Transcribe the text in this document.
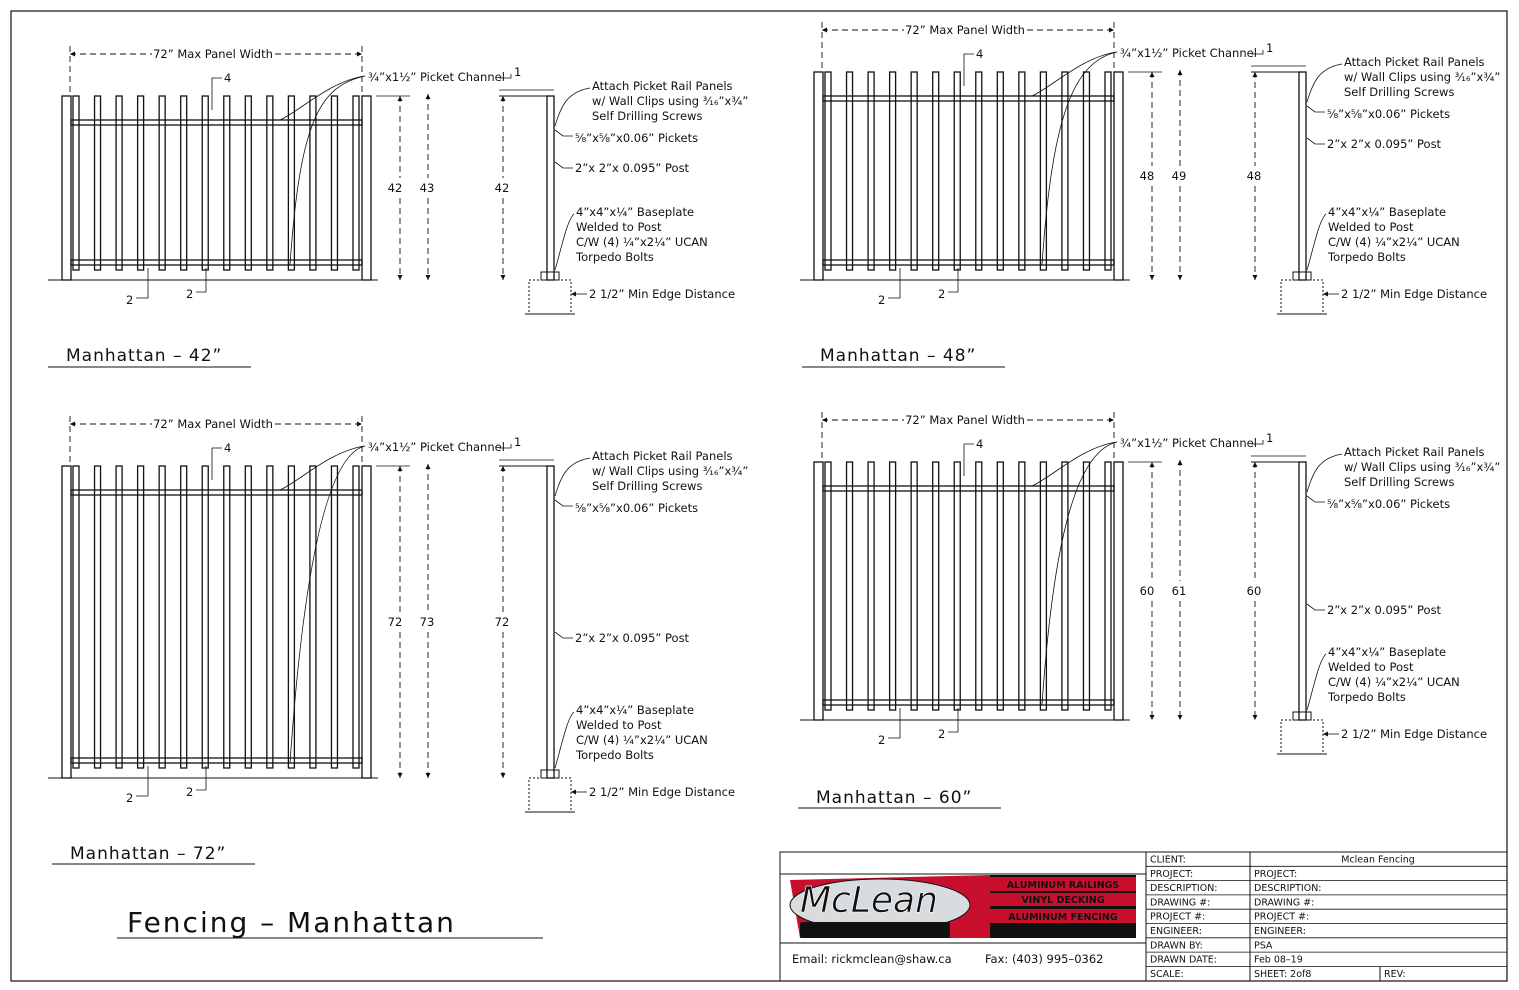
¾”x1½” Picket Channel
72” Max Panel Width
4
2	2
42 43
1
42
Attach Picket Rail Panels
w/ Wall Clips using ³⁄₁₆”x¾”
Self Drilling Screws
⅝”x⅝”x0.06” Pickets
2”x 2”x 0.095” Post
4”x4”x¼” Baseplate
Welded to Post
C/W (4) ¼”x2¼” UCAN
Torpedo Bolts
2 1/2” Min Edge Distance
Manhattan – 42”
¾”x1½” Picket Channel
72” Max Panel Width
4
2	2
48 49
1
48
Attach Picket Rail Panels
w/ Wall Clips using ³⁄₁₆”x¾”
Self Drilling Screws
⅝”x⅝”x0.06” Pickets
2”x 2”x 0.095” Post
4”x4”x¼” Baseplate
Welded to Post
C/W (4) ¼”x2¼” UCAN
Torpedo Bolts
2 1/2” Min Edge Distance
Manhattan – 48”
¾”x1½” Picket Channel
72” Max Panel Width
4
2	2
72 73
1
72
Attach Picket Rail Panels
w/ Wall Clips using ³⁄₁₆”x¾”
Self Drilling Screws
⅝”x⅝”x0.06” Pickets
2”x 2”x 0.095” Post
4”x4”x¼” Baseplate
Welded to Post
C/W (4) ¼”x2¼” UCAN
Torpedo Bolts
2 1/2” Min Edge Distance
Manhattan – 72”
¾”x1½” Picket Channel
72” Max Panel Width
4
2	2
60 61
1
60
Attach Picket Rail Panels
w/ Wall Clips using ³⁄₁₆”x¾”
Self Drilling Screws
⅝”x⅝”x0.06” Pickets
2”x 2”x 0.095” Post
4”x4”x¼” Baseplate
Welded to Post
C/W (4) ¼”x2¼” UCAN
Torpedo Bolts
2 1/2” Min Edge Distance
Manhattan – 60”
Fencing – Manhattan
CLIENT:	Mclean Fencing
PROJECT:	PROJECT:
DESCRIPTION:	DESCRIPTION:
DRAWING #:	DRAWING #:
PROJECT #:	PROJECT #:
ENGINEER:	ENGINEER:
DRAWN BY:	PSA
DRAWN DATE:	Feb 08–19
SCALE:	SHEET: 2of8	REV:
McLean
CONTRACTING
ALUMINUM RAILINGS
VINYL DECKING
ALUMINUM FENCING
403.995.0361
Email: rickmclean@shaw.ca	Fax: (403) 995–0362
